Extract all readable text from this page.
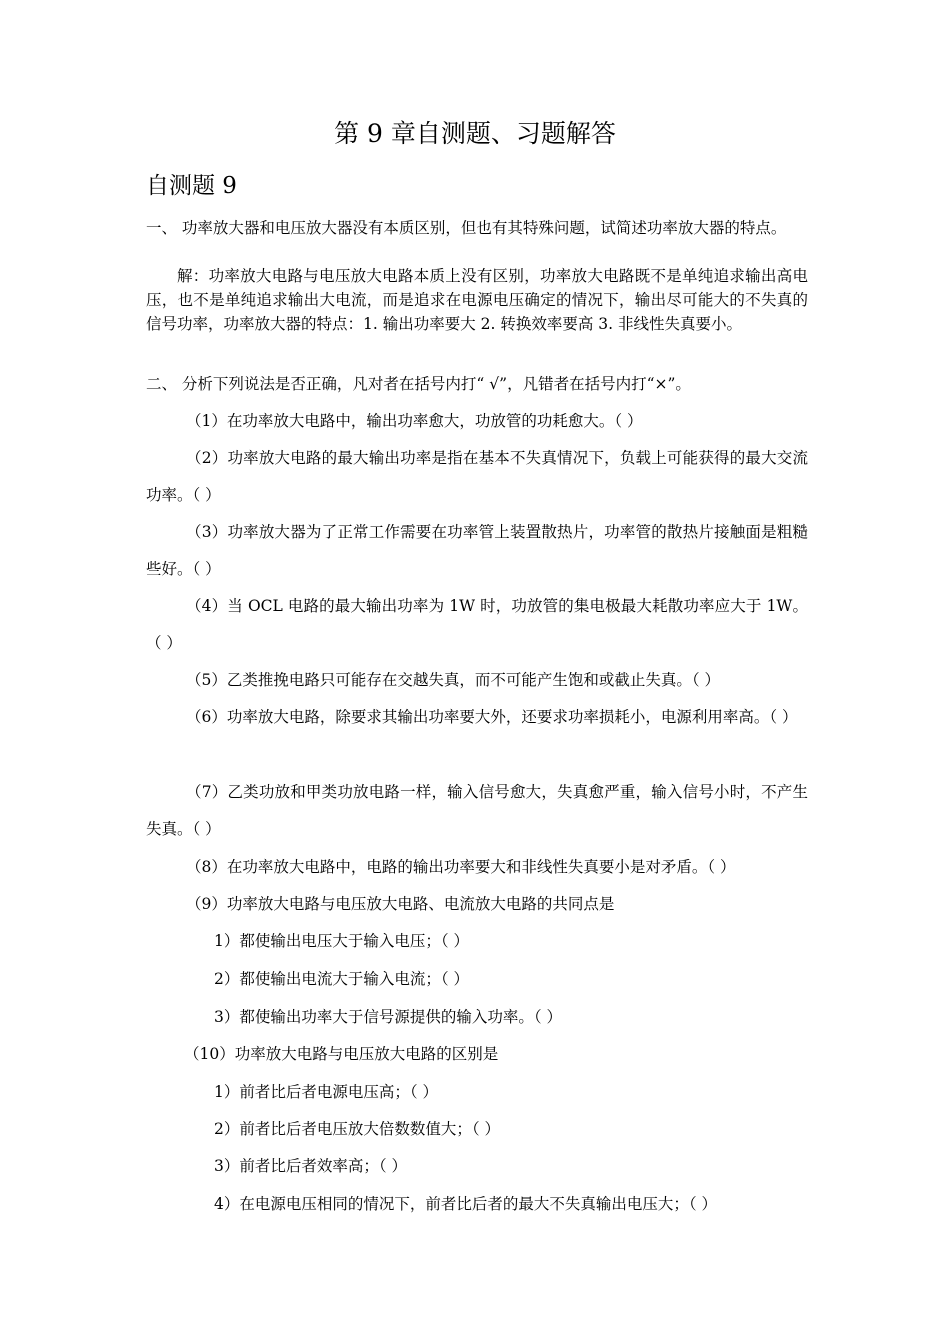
第 9 章自测题、习题解答
自测题 9
一、 功率放大器和电压放大器没有本质区别，但也有其特殊问题，试简述功率放大器的特点。
解：功率放大电路与电压放大电路本质上没有区别，功率放大电路既不是单纯追求输出高电压，也不是单纯追求输出大电流，而是追求在电源电压确定的情况下，输出尽可能大的不失真的信号功率，功率放大器的特点：1. 输出功率要大 2. 转换效率要高 3. 非线性失真要小。
二、 分析下列说法是否正确，凡对者在括号内打“ √”，凡错者在括号内打“×”。
（1）在功率放大电路中，输出功率愈大，功放管的功耗愈大。（ ）
（2）功率放大电路的最大输出功率是指在基本不失真情况下，负载上可能获得的最大交流功率。（ ）
（3）功率放大器为了正常工作需要在功率管上装置散热片，功率管的散热片接触面是粗糙些好。（ ）
（4）当 OCL 电路的最大输出功率为 1W 时，功放管的集电极最大耗散功率应大于 1W。（ ）
（5）乙类推挽电路只可能存在交越失真，而不可能产生饱和或截止失真。（ ）
（6）功率放大电路，除要求其输出功率要大外，还要求功率损耗小，电源利用率高。（ ）
（7）乙类功放和甲类功放电路一样，输入信号愈大，失真愈严重，输入信号小时，不产生失真。（ ）
（8）在功率放大电路中，电路的输出功率要大和非线性失真要小是对矛盾。（ ）
（9）功率放大电路与电压放大电路、电流放大电路的共同点是
1）都使输出电压大于输入电压；（ ）
2）都使输出电流大于输入电流；（ ）
3）都使输出功率大于信号源提供的输入功率。（ ）
（10）功率放大电路与电压放大电路的区别是
1）前者比后者电源电压高；（ ）
2）前者比后者电压放大倍数数值大；（ ）
3）前者比后者效率高；（ ）
4）在电源电压相同的情况下，前者比后者的最大不失真输出电压大；（ ）
